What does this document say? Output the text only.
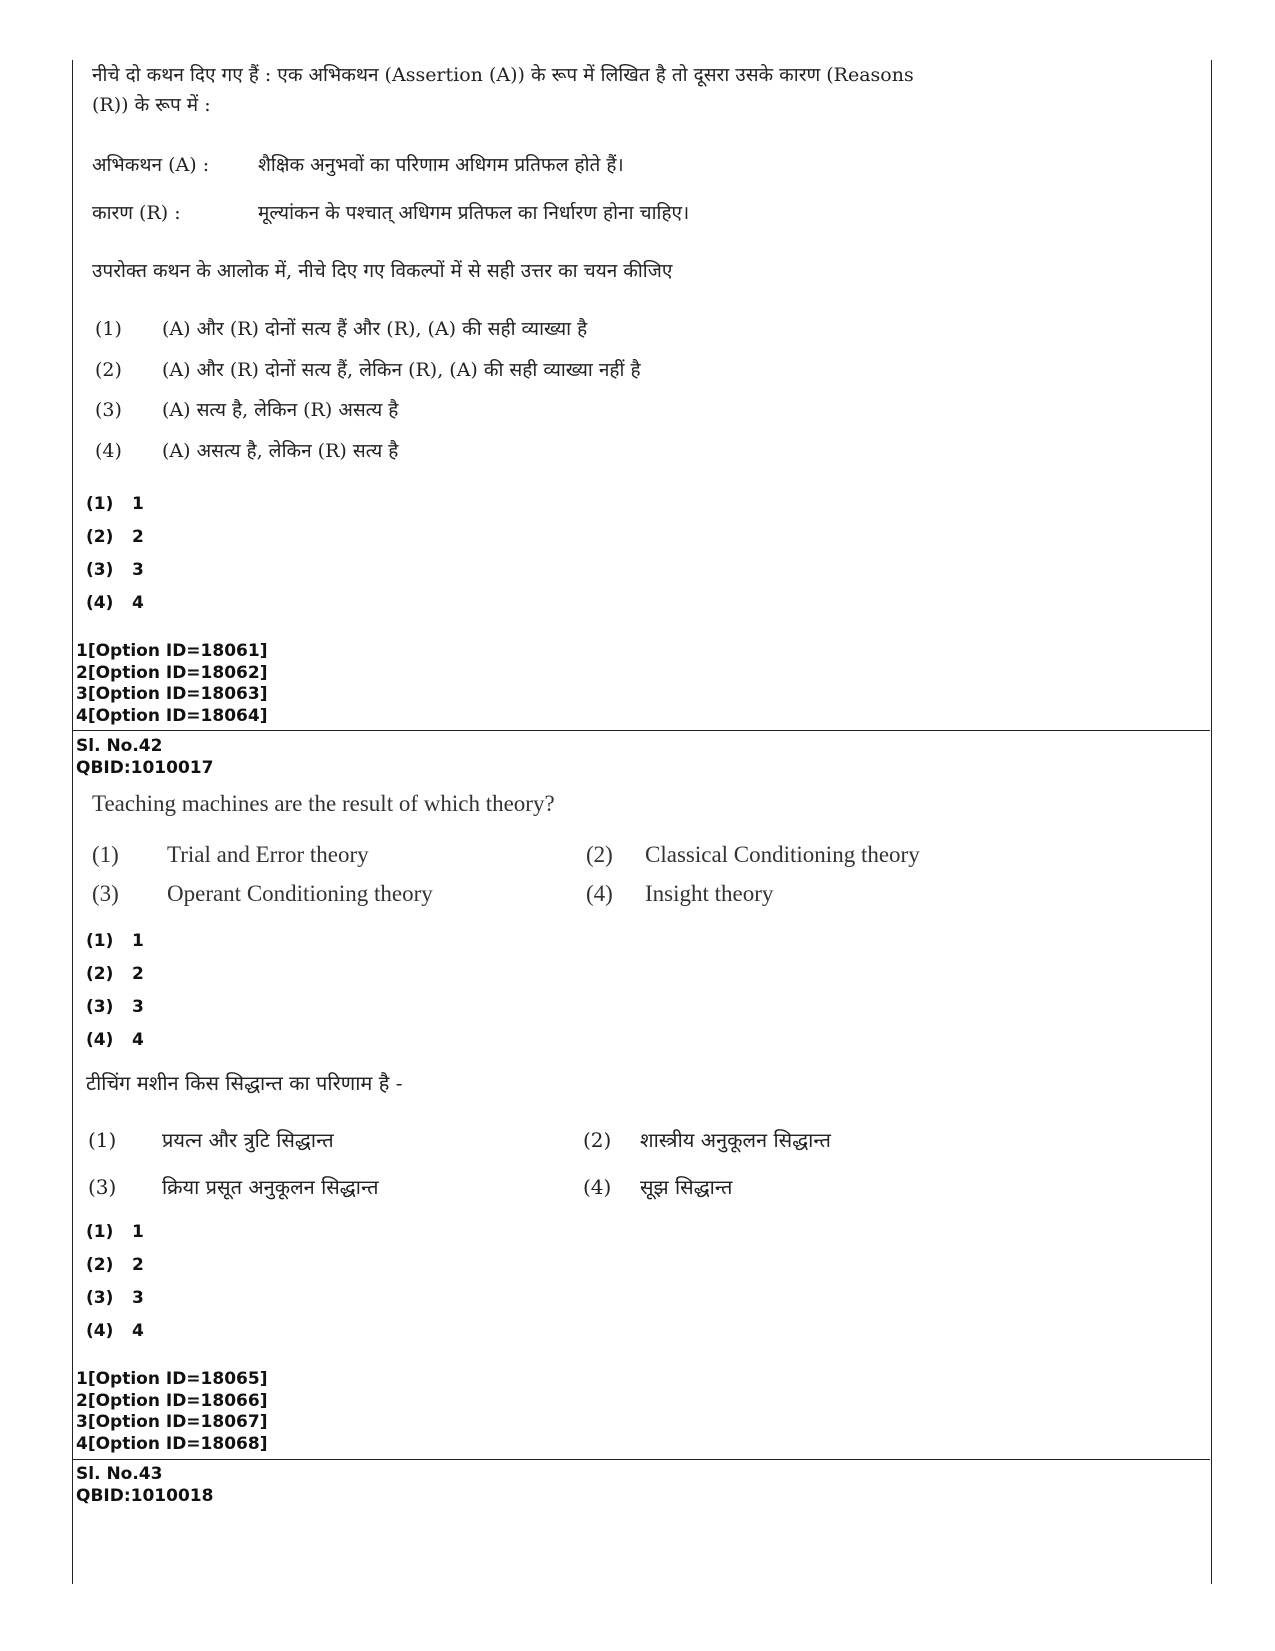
नीचे दो कथन दिए गए हैं : एक अभिकथन (Assertion (A)) के रूप में लिखित है तो दूसरा उसके कारण (Reasons
(R)) के रूप में :
अभिकथन (A) :	शैक्षिक अनुभवों का परिणाम अधिगम प्रतिफल होते हैं।
कारण (R) :	मूल्यांकन के पश्चात् अधिगम प्रतिफल का निर्धारण होना चाहिए।
उपरोक्त कथन के आलोक में, नीचे दिए गए विकल्पों में से सही उत्तर का चयन कीजिए
(1) (A) और (R) दोनों सत्य हैं और (R), (A) की सही व्याख्या है
(2) (A) और (R) दोनों सत्य हैं, लेकिन (R), (A) की सही व्याख्या नहीं है
(3) (A) सत्य है, लेकिन (R) असत्य है
(4) (A) असत्य है, लेकिन (R) सत्य है
(1) 1
(2) 2
(3) 3
(4) 4
1[Option ID=18061]
2[Option ID=18062]
3[Option ID=18063]
4[Option ID=18064]
Sl. No.42
QBID:1010017
Teaching machines are the result of which theory?
(1) Trial and Error theory	(2) Classical Conditioning theory
(3) Operant Conditioning theory	(4) Insight theory
(1) 1
(2) 2
(3) 3
(4) 4
टीचिंग मशीन किस सिद्धान्त का परिणाम है -
(1) प्रयत्न और त्रुटि सिद्धान्त	(2) शास्त्रीय अनुकूलन सिद्धान्त
(3) क्रिया प्रसूत अनुकूलन सिद्धान्त	(4) सूझ सिद्धान्त
(1) 1
(2) 2
(3) 3
(4) 4
1[Option ID=18065]
2[Option ID=18066]
3[Option ID=18067]
4[Option ID=18068]
Sl. No.43
QBID:1010018
